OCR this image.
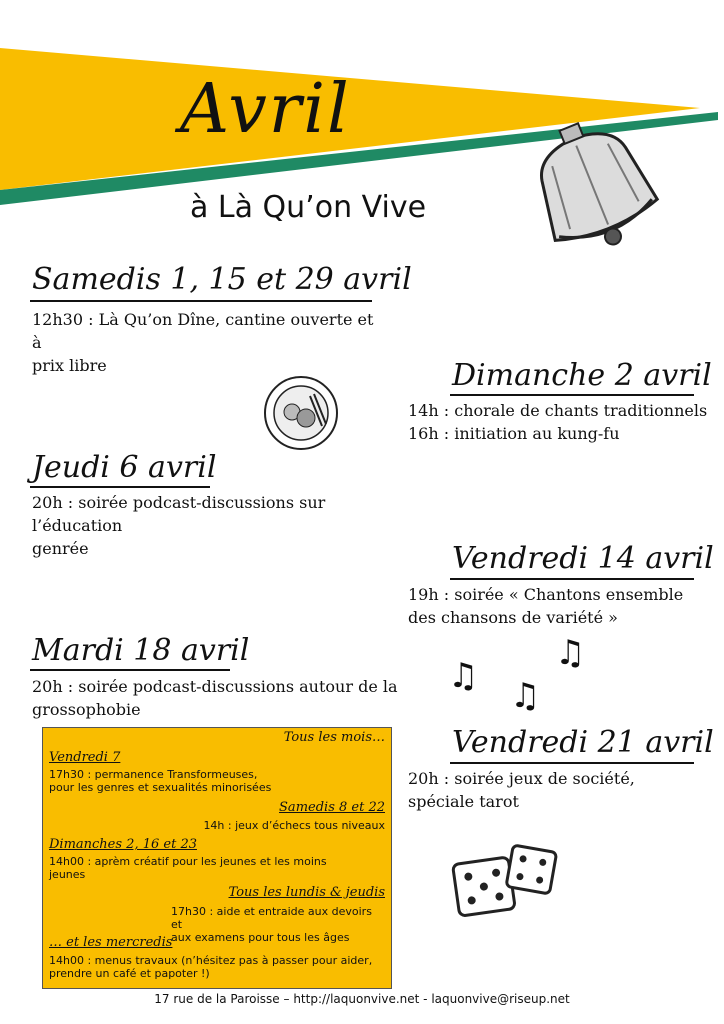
Avril
à Là Qu’on Vive
Samedis 1, 15 et 29 avril
12h30 : Là Qu’on Dîne, cantine ouverte et à
prix libre	Dimanche 2 avril
14h : chorale de chants traditionnels
16h : initiation au kung-fu
Jeudi 6 avril
20h : soirée podcast-discussions sur l’éducation
genrée	Vendredi 14 avril
19h : soirée « Chantons ensemble
des chansons de variété »
Mardi 18 avril
20h : soirée podcast-discussions autour de la
grossophobie
♫
♫
♫
Vendredi 21 avril
20h : soirée jeux de société,
spéciale tarot
Tous les mois…
Vendredi 7
17h30 : permanence Transformeuses,
pour les genres et sexualités minorisées
Samedis 8 et 22
14h : jeux d’échecs tous niveaux
Dimanches 2, 16 et 23
14h00 : aprèm créatif pour les jeunes et les moins
jeunes
Tous les lundis & jeudis
17h30 : aide et entraide aux devoirs et
aux examens pour tous les âges
… et les mercredis
14h00 : menus travaux (n’hésitez pas à passer pour aider,
prendre un café et papoter !)
17 rue de la Paroisse – http://laquonvive.net - laquonvive@riseup.net
